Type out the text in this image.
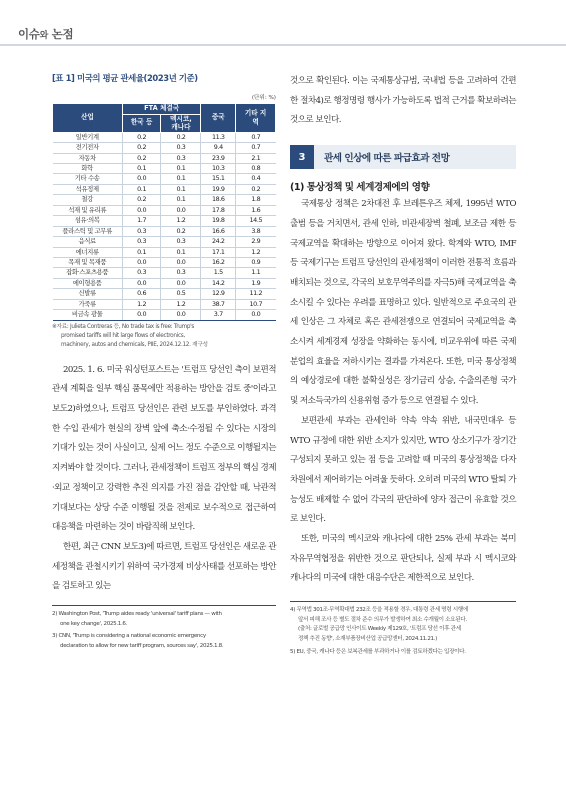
이슈와 논점
[표 1] 미국의 평균 관세율(2023년 기준)
(단위: %)
산업	FTA 체결국		중국	기타 지역
	한국 등	멕시코, 캐나다		
일반기계	0.2	0.2	11.3	0.7
전기전자	0.2	0.3	9.4	0.7
자동차	0.2	0.3	23.9	2.1
화학	0.1	0.1	10.3	0.8
기타 수송	0.0	0.1	15.1	0.4
석유정제	0.1	0.1	19.9	0.2
철강	0.2	0.1	18.6	1.8
석재 및 유리류	0.0	0.0	17.8	1.6
섬유·의복	1.7	1.2	19.8	14.5
플라스틱 및 고무류	0.3	0.2	16.6	3.8
음식료	0.3	0.3	24.2	2.9
에너지류	0.1	0.1	17.1	1.2
목재 및 목재품	0.0	0.0	16.2	0.9
잡화·스포츠용품	0.3	0.3	1.5	1.1
에이형용품	0.0	0.0	14.2	1.9
신발류	0.6	0.5	12.9	11.2
가죽류	1.2	1.2	38.7	10.7
비금속 광물	0.0	0.0	3.7	0.0
※자료: Julieta Contreras 등, No trade tax is free: Trump's
promised tariffs will hit large flows of electronics,
machinery, autos and chemicals, PIIE, 2024.12.12. 재구성

2025. 1. 6. 미국 워싱턴포스트는 '트럼프 당선인 측이 보편적 관세 계획을 일부 핵심 품목에만 적용하는 방안을 검토 중'이라고 보도2)하였으나, 트럼프 당선인은 관련 보도를 부인하였다. 과격한 수입 관세가 현실의 장벽 앞에 축소·수정될 수 있다는 시장의 기대가 있는 것이 사실이고, 실제 어느 정도 수준으로 이행될지는 지켜봐야 할 것이다. 그러나, 관세정책이 트럼프 정부의 핵심 경제·외교 정책이고 강력한 추진 의지를 가진 점을 감안할 때, 낙관적 기대보다는 상당 수준 이행될 것을 전제로 보수적으로 접근하여 대응책을 마련하는 것이 바람직해 보인다.

한편, 최근 CNN 보도3)에 따르면, 트럼프 당선인은 새로운 관세정책을 관철시키기 위하여 국가경제 비상사태를 선포하는 방안을 검토하고 있는

2) Washington Post, 'Trump aides ready 'universal' tariff plans — with
one key change', 2025.1.6.
3) CNN, 'Trump is considering a national economic emergency
declaration to allow for new tariff program, sources say', 2025.1.8.

것으로 확인된다. 이는 국제통상규범, 국내법 등을 고려하여 간편한 절차4)로 행정명령 행사가 가능하도록 법적 근거를 확보하려는 것으로 보인다.

3	관세 인상에 따른 파급효과 전망
(1) 통상정책 및 세계경제에의 영향

국제통상 정책은 2차대전 후 브레튼우즈 체제, 1995년 WTO 출범 등을 거치면서, 관세 인하, 비관세장벽 철폐, 보조금 제한 등 국제교역을 확대하는 방향으로 이어져 왔다. 학계와 WTO, IMF 등 국제기구는 트럼프 당선인의 관세정책이 이러한 전통적 흐름과 배치되는 것으로, 각국의 보호무역주의를 자극5)해 국제교역을 축소시킬 수 있다는 우려를 표명하고 있다. 일반적으로 주요국의 관세 인상은 그 자체로 혹은 관세전쟁으로 연결되어 국제교역을 축소시켜 세계경제 성장을 약화하는 동시에, 비교우위에 따른 국제분업의 효율을 저하시키는 결과를 가져온다. 또한, 미국 통상정책의 예상경로에 대한 불확실성은 장기금리 상승, 수출의존형 국가 및 저소득국가의 신용위험 증가 등으로 연결될 수 있다.

보편관세 부과는 관세인하 약속 약속 위반, 내국민대우 등 WTO 규정에 대한 위반 소지가 있지만, WTO 상소기구가 장기간 구성되지 못하고 있는 점 등을 고려할 때 미국의 통상정책을 다자 차원에서 제어하기는 어려울 듯하다. 오히려 미국의 WTO 탈퇴 가능성도 배제할 수 없어 각국의 판단하에 양자 접근이 유효할 것으로 보인다.

또한, 미국의 멕시코와 캐나다에 대한 25% 관세 부과는 북미자유무역협정을 위반한 것으로 판단되나, 실제 부과 시 멕시코와 캐나다의 미국에 대한 대응수단은 제한적으로 보인다.

4) 무역법 301조·무역확대법 232조 등을 적용할 경우, 대통령 관세 명령 시행에
앞서 피해 조사 등 별도 절차 준수 의무가 발생하여 최소 수개월이 소요된다.
(출처: 글로벌 공급망 인사이트 Weekly 제129호, '트럼프 당선 이후 관세
정책 추진 동향', 소재부품장비산업 공급망센터, 2024.11.21.)
5) EU, 중국, 캐나다 등은 보복관세를 부과하거나 이를 검토하겠다는 입장이다.
